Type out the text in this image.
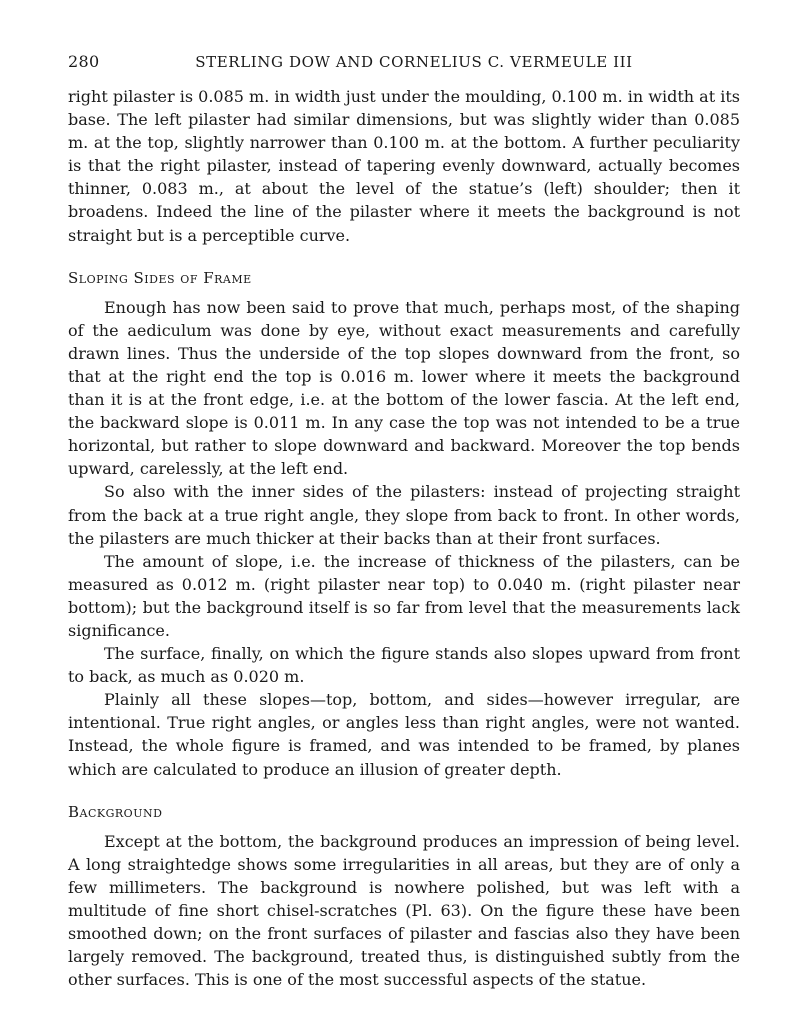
280	STERLING DOW AND CORNELIUS C. VERMEULE III

right pilaster is 0.085 m. in width just under the moulding, 0.100 m. in width at its base. The left pilaster had similar dimensions, but was slightly wider than 0.085 m. at the top, slightly narrower than 0.100 m. at the bottom. A further peculiarity is that the right pilaster, instead of tapering evenly downward, actually becomes thinner, 0.083 m., at about the level of the statue’s (left) shoulder; then it broadens. Indeed the line of the pilaster where it meets the background is not straight but is a perceptible curve.

Sloping Sides of Frame

Enough has now been said to prove that much, perhaps most, of the shaping of the aediculum was done by eye, without exact measurements and carefully drawn lines. Thus the underside of the top slopes downward from the front, so that at the right end the top is 0.016 m. lower where it meets the background than it is at the front edge, i.e. at the bottom of the lower fascia. At the left end, the backward slope is 0.011 m. In any case the top was not intended to be a true horizontal, but rather to slope downward and backward. Moreover the top bends upward, carelessly, at the left end.

So also with the inner sides of the pilasters: instead of projecting straight from the back at a true right angle, they slope from back to front. In other words, the pilasters are much thicker at their backs than at their front surfaces.

The amount of slope, i.e. the increase of thickness of the pilasters, can be measured as 0.012 m. (right pilaster near top) to 0.040 m. (right pilaster near bottom); but the background itself is so far from level that the measurements lack significance.

The surface, finally, on which the figure stands also slopes upward from front to back, as much as 0.020 m.

Plainly all these slopes—top, bottom, and sides—however irregular, are intentional. True right angles, or angles less than right angles, were not wanted. Instead, the whole figure is framed, and was intended to be framed, by planes which are calculated to produce an illusion of greater depth.

Background

Except at the bottom, the background produces an impression of being level. A long straightedge shows some irregularities in all areas, but they are of only a few millimeters. The background is nowhere polished, but was left with a multitude of fine short chisel-scratches (Pl. 63). On the figure these have been smoothed down; on the front surfaces of pilaster and fascias also they have been largely removed. The background, treated thus, is distinguished subtly from the other surfaces. This is one of the most successful aspects of the statue.
